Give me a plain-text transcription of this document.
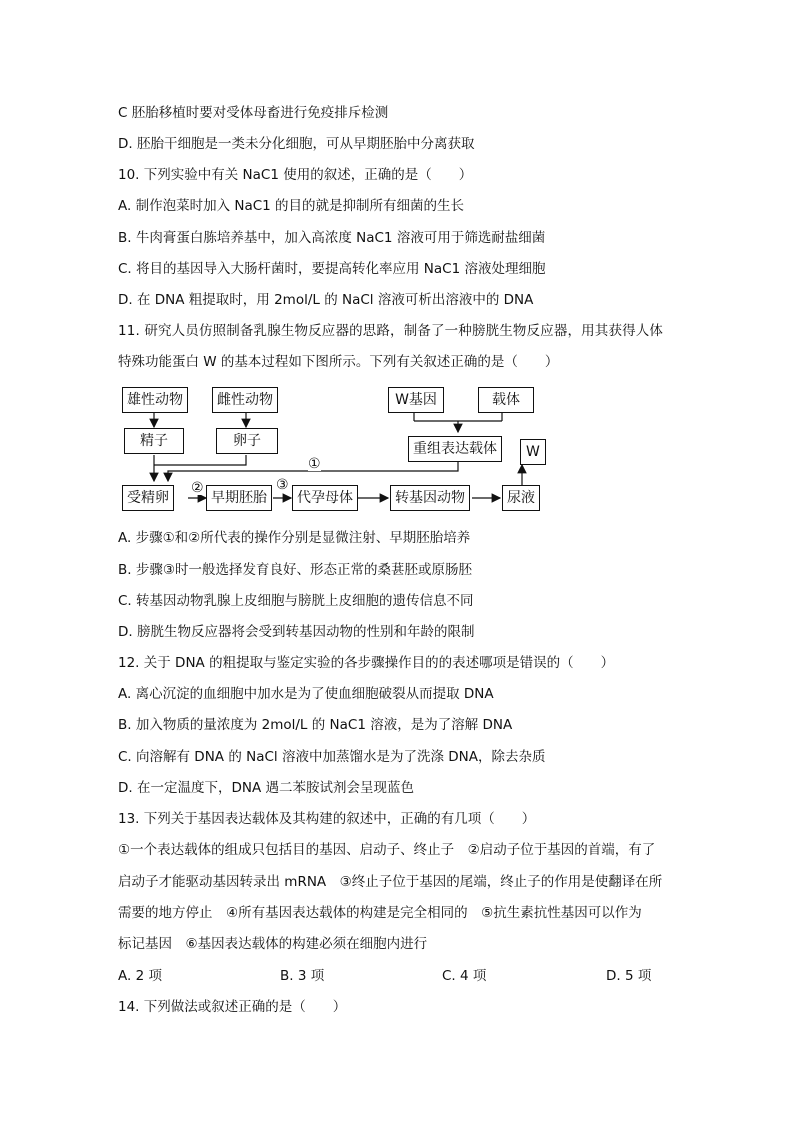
C 胚胎移植时要对受体母畜进行免疫排斥检测
D. 胚胎干细胞是一类未分化细胞，可从早期胚胎中分离获取
10. 下列实验中有关 NaC1 使用的叙述，正确的是（　　）
A. 制作泡菜时加入 NaC1 的目的就是抑制所有细菌的生长
B. 牛肉膏蛋白胨培养基中，加入高浓度 NaC1 溶液可用于筛选耐盐细菌
C. 将目的基因导入大肠杆菌时，要提高转化率应用 NaC1 溶液处理细胞
D. 在 DNA 粗提取时，用 2mol/L 的 NaCl 溶液可析出溶液中的 DNA
11. 研究人员仿照制备乳腺生物反应器的思路，制备了一种膀胱生物反应器，用其获得人体
特殊功能蛋白 W 的基本过程如下图所示。下列有关叙述正确的是（　　）
雄性动物	雌性动物
精子	卵子
W基因	载体
重组表达载体	W
①
受精卵
②
早期胚胎
③
代孕母体	转基因动物	尿液
A. 步骤①和②所代表的操作分别是显微注射、早期胚胎培养
B. 步骤③时一般选择发育良好、形态正常的桑葚胚或原肠胚
C. 转基因动物乳腺上皮细胞与膀胱上皮细胞的遗传信息不同
D. 膀胱生物反应器将会受到转基因动物的性别和年龄的限制
12. 关于 DNA 的粗提取与鉴定实验的各步骤操作目的的表述哪项是错误的（　　）
A. 离心沉淀的血细胞中加水是为了使血细胞破裂从而提取 DNA
B. 加入物质的量浓度为 2mol/L 的 NaC1 溶液，是为了溶解 DNA
C. 向溶解有 DNA 的 NaCl 溶液中加蒸馏水是为了洗涤 DNA，除去杂质
D. 在一定温度下，DNA 遇二苯胺试剂会呈现蓝色
13. 下列关于基因表达载体及其构建的叙述中，正确的有几项（　　）
①一个表达载体的组成只包括目的基因、启动子、终止子　②启动子位于基因的首端，有了
启动子才能驱动基因转录出 mRNA　③终止子位于基因的尾端，终止子的作用是使翻译在所
需要的地方停止　④所有基因表达载体的构建是完全相同的　⑤抗生素抗性基因可以作为
标记基因　⑥基因表达载体的构建必须在细胞内进行
A. 2 项	B. 3 项	C. 4 项	D. 5 项
14. 下列做法或叙述正确的是（　　）
